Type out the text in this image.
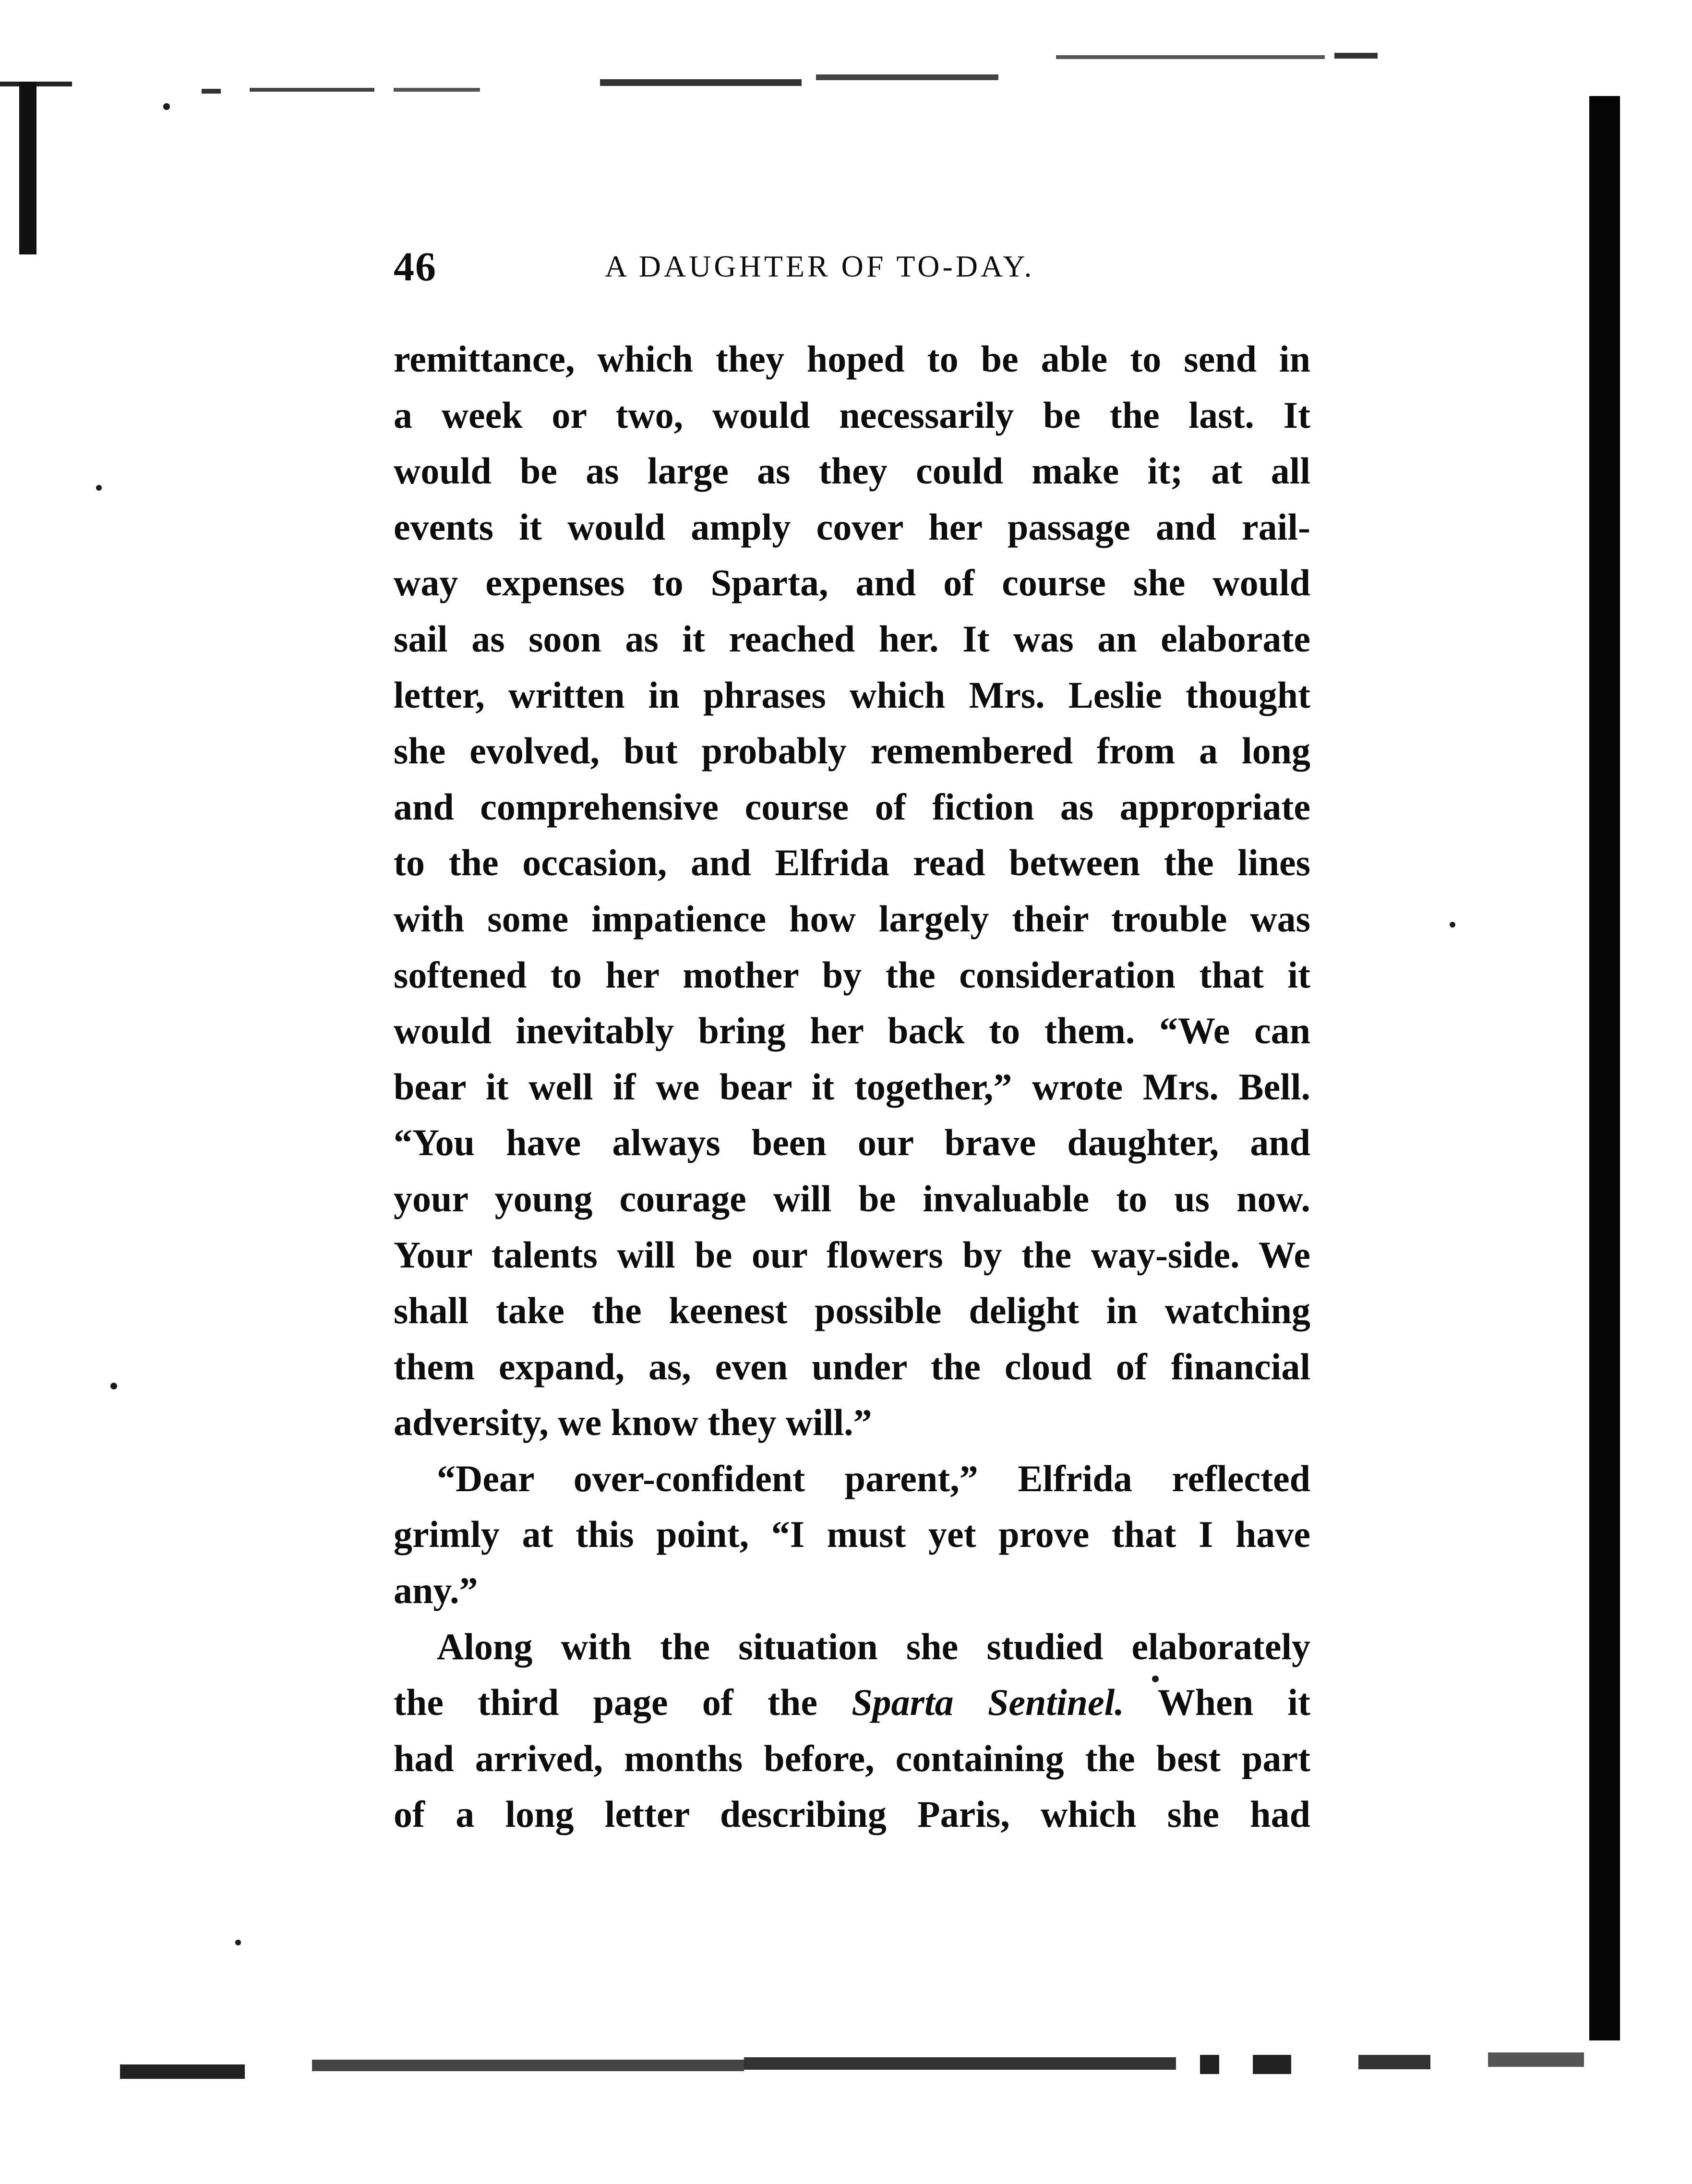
46	A DAUGHTER OF TO-DAY.
remittance, which they hoped to be able to send in
a week or two, would necessarily be the last. It
would be as large as they could make it; at all
events it would amply cover her passage and rail-
way expenses to Sparta, and of course she would
sail as soon as it reached her. It was an elaborate
letter, written in phrases which Mrs. Leslie thought
she evolved, but probably remembered from a long
and comprehensive course of fiction as appropriate
to the occasion, and Elfrida read between the lines
with some impatience how largely their trouble was
softened to her mother by the consideration that it
would inevitably bring her back to them. “We can
bear it well if we bear it together,” wrote Mrs. Bell.
“You have always been our brave daughter, and
your young courage will be invaluable to us now.
Your talents will be our flowers by the way-side. We
shall take the keenest possible delight in watching
them expand, as, even under the cloud of financial
adversity, we know they will.”
“Dear over-confident parent,” Elfrida reflected
grimly at this point, “I must yet prove that I have
any.”
Along with the situation she studied elaborately
the third page of the Sparta Sentinel. When it
had arrived, months before, containing the best part
of a long letter describing Paris, which she had
